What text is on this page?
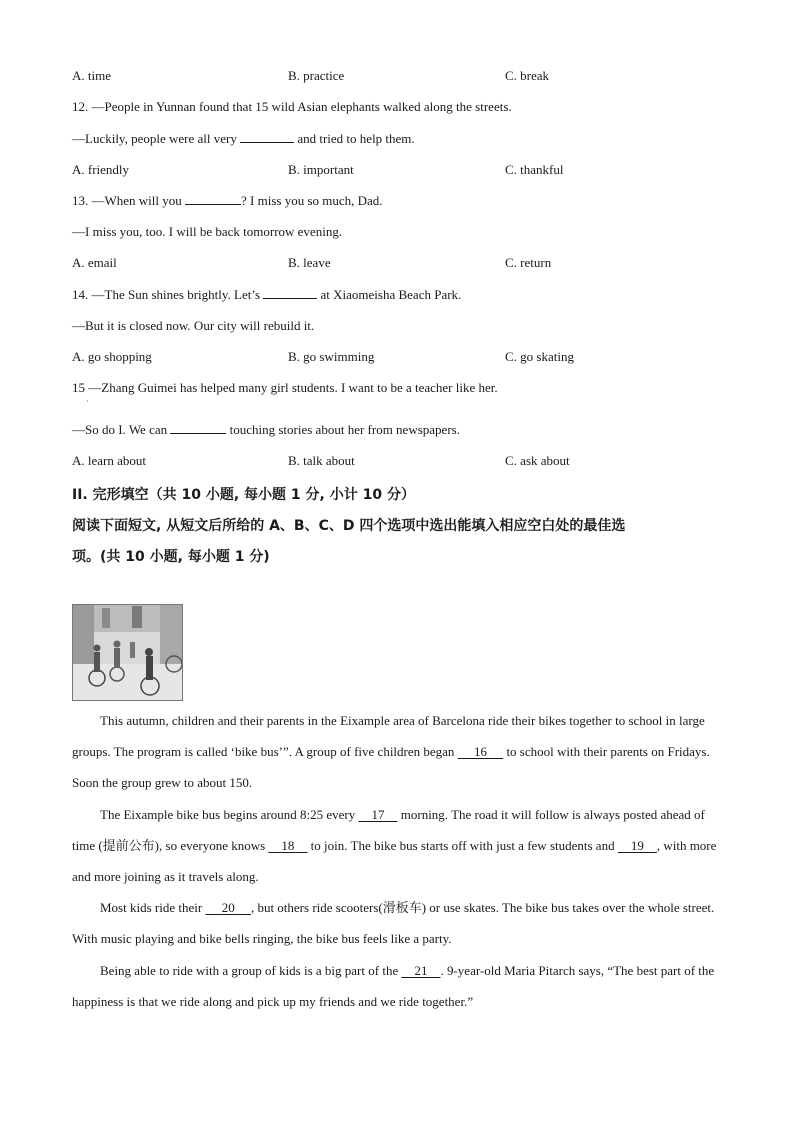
A. time	B. practice	C. break
12. —People in Yunnan found that 15 wild Asian elephants walked along the streets.
—Luckily, people were all very	and tried to help them.
A. friendly	B. important	C. thankful
13. —When will you	? I miss you so much, Dad.
—I miss you, too. I will be back tomorrow evening.
A. email	B. leave	C. return
14. —The Sun shines brightly. Let’s	at Xiaomeisha Beach Park.
—But it is closed now. Our city will rebuild it.
A. go shopping	B. go swimming	C. go skating
15 —Zhang Guimei has helped many girl students. I want to be a teacher like her.
·
—So do I. We can	touching stories about her from newspapers.
A. learn about	B. talk about	C. ask about
II. 完形填空（共 10 小题, 每小题 1 分, 小计 10 分）
阅读下面短文, 从短文后所给的 A、B、C、D 四个选项中选出能填入相应空白处的最佳选
项。(共 10 小题, 每小题 1 分)
This autumn, children and their parents in the Eixample area of Barcelona ride their bikes together to school in large groups. The program is called ‘bike bus’”. A group of five children began      16      to school with their parents on Fridays. Soon the group grew to about 150.
The Eixample bike bus begins around 8:25 every     17     morning. The road it will follow is always posted ahead of time (提前公布), so everyone knows     18     to join. The bike bus starts off with just a few students and     19 , with more and more joining as it travels along.
Most kids ride their      20 , but others ride scooters(滑板车) or use skates. The bike bus takes over the whole street. With music playing and bike bells ringing, the bike bus feels like a party.
Being able to ride with a group of kids is a big part of the     21 . 9-year-old Maria Pitarch says, “The best part of the happiness is that we ride along and pick up my friends and we ride together.”
